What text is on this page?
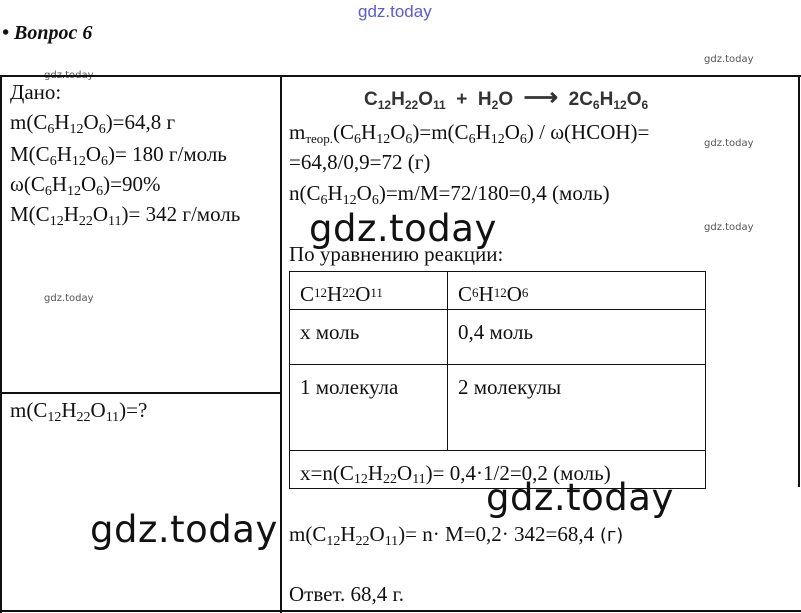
gdz.today
gdz.today
gdz.today
gdz.today
gdz.today
• Вопрос 6
Дано:
$m(C_6H_{12}O_6)=64,8$ г
$M(C_6H_{12}O_6)= 180$ г/моль
$\omega(C_6H_{12}O_6)=90\%$
$M(C_{12}H_{22}O_{11})= 342$ г/моль
$m(C_{12}H_{22}O_{11})=$?
gdz.today
$C_{12}H_{22}O_{11} + H_2O$ ⟶ $2C_6H_{12}O_6$
$m_{теор.}(C_6H_{12}O_6)=m(C_6H_{12}O_6)$ / ω(HCOH)=
=64,8/0,9=72 (г)
$n(C_6H_{12}O_6)=m/M=72/180=0,4$ (моль)
gdz.today
По уравнению реакции:
$C_{12}H_{22}O_{11}$	$C_6H_{12}O_6$
x моль	0,4 моль
1 молекула	2 молекулы
$x=n(C_{12}H_{22}O_{11})= 0,4\cdot 1/2=0,2$ (моль)	
gdz.today
$m(C_{12}H_{22}O_{11})= n\cdot M=0,2\cdot 342=68,4$ (г)
Ответ. 68,4 г.
